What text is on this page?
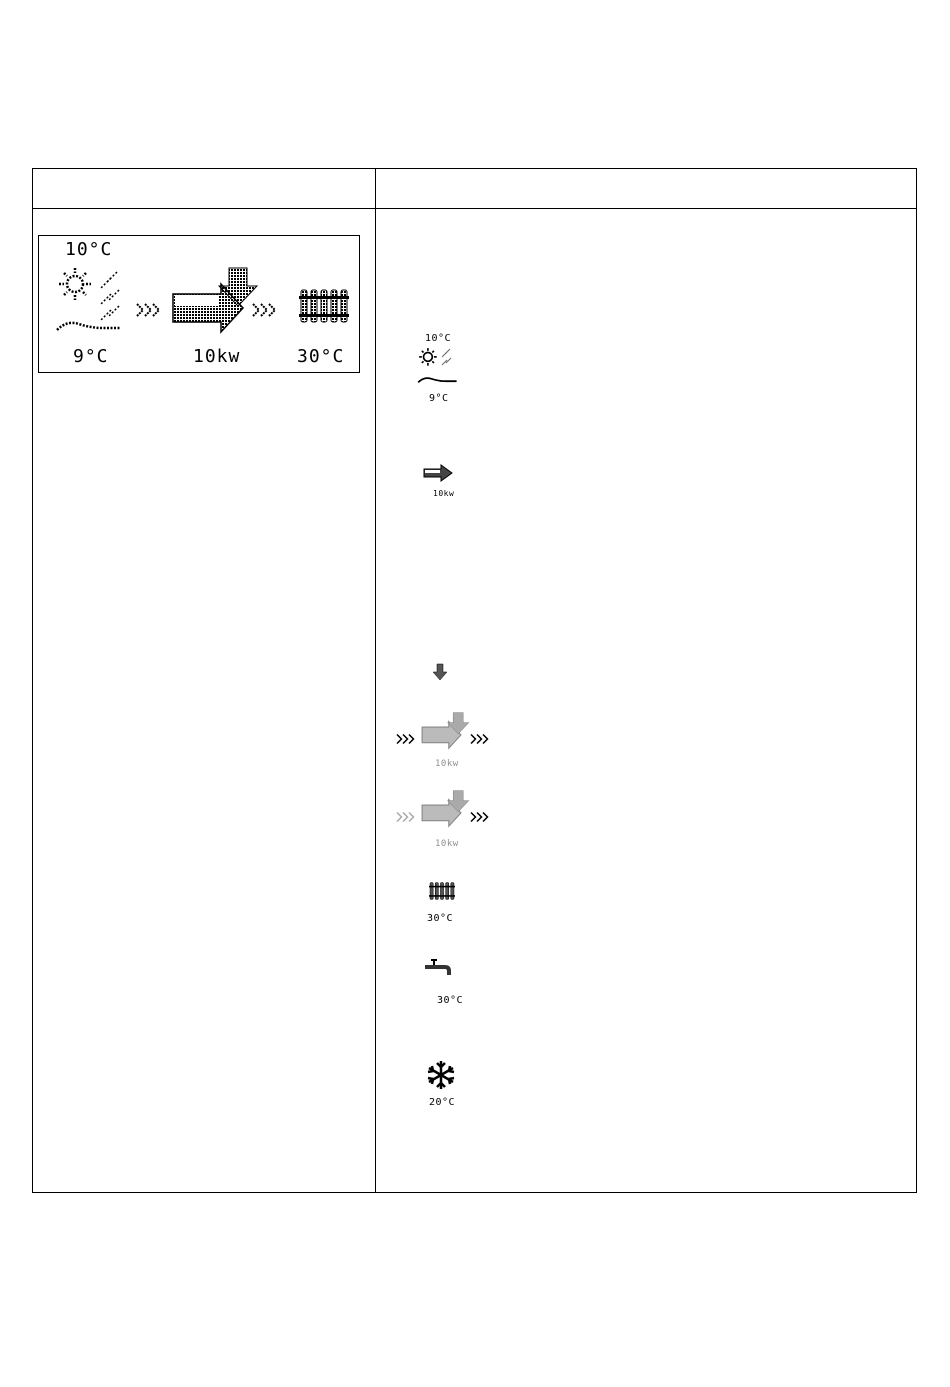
10°C
9°C	10kw	30°C
10°C
9°C
10kw
10kw
10kw
30°C
30°C
20°C
